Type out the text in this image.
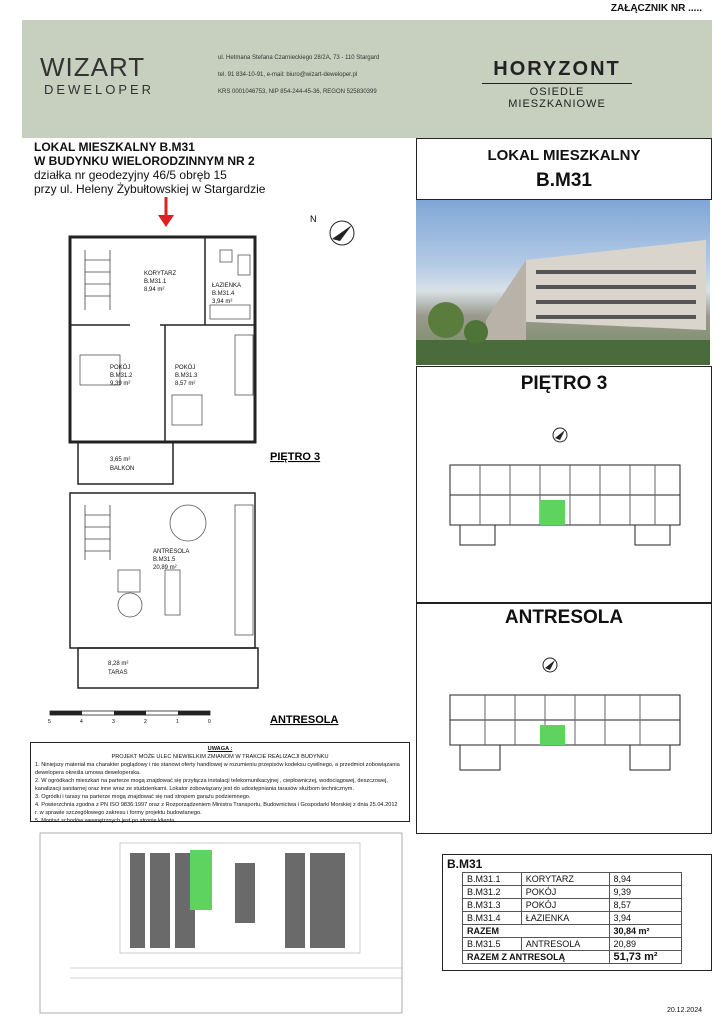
ZAŁĄCZNIK NR .....
WIZART
DEWELOPER
ul. Hetmana Stefana Czarnieckiego 28/2A, 73 - 110 Stargard
tel. 91 834-10-91, e-mail: biuro@wizart-deweloper.pl
KRS 0001046753, NIP 854-244-45-36, REGON 525830399
HORYZONT
OSIEDLE MIESZKANIOWE
LOKAL MIESZKALNY B.M31
W BUDYNKU WIELORODZINNYM NR 2
działka nr geodezyjny 46/5 obręb 15
przy ul. Heleny Żybułtowskiej w Stargardzie
LOKAL MIESZKALNY
B.M31
PIĘTRO 3
ANTRESOLA
N
KORYTARZ
B.M31.1
8,94 m²
ŁAZIENKA
B.M31.4
3,94 m²
POKÓJ
B.M31.2
9,39 m²
POKÓJ
B.M31.3
8,57 m²
3,65 m²
BALKON
ANTRESOLA
B.M31.5
20,89 m²
8,28 m²
TARAS
PIĘTRO 3
ANTRESOLA
5	4	3	2	1	0
UWAGA :
PROJEKT MOŻE ULEC NIEWIELKIM ZMIANOM W TRAKCIE REALIZACJI BUDYNKU
1. Niniejszy materiał ma charakter poglądowy i nie stanowi oferty handlowej w rozumieniu przepisów kodeksu cywilnego, a przedmiot zobowiązania
dewelopera określa umowa deweloperska.
2. W ogródkach mieszkań na parterze mogą znajdować się przyłącza instalacji telekomunikacyjnej , ciepłowniczej, wodociągowej, deszczowej,
kanalizacji sanitarnej oraz inne wraz ze studzienkami. Lokator zobowiązany jest do udostępniania tarasów służbom technicznym.
3. Ogródki i tarasy na parterze mogą znajdować się nad stropem garażu podziemnego.
4. Powierzchnia zgodna z PN ISO 9836:1997 oraz z Rozporządzeniem Ministra Transportu, Budownictwa i Gospodarki Morskiej z dnia 25.04.2012
r. w sprawie szczegółowego zakresu i formy projektu budowlanego.
5. Montaż schodów wewnętrznych jest po stronie klienta.
B.M31
B.M31.1	KORYTARZ	8,94
B.M31.2	POKÓJ	9,39
B.M31.3	POKÓJ	8,57
B.M31.4	ŁAZIENKA	3,94
RAZEM		30,84 m²
B.M31.5	ANTRESOLA	20,89
RAZEM Z ANTRESOLĄ		51,73 m²
20.12.2024
